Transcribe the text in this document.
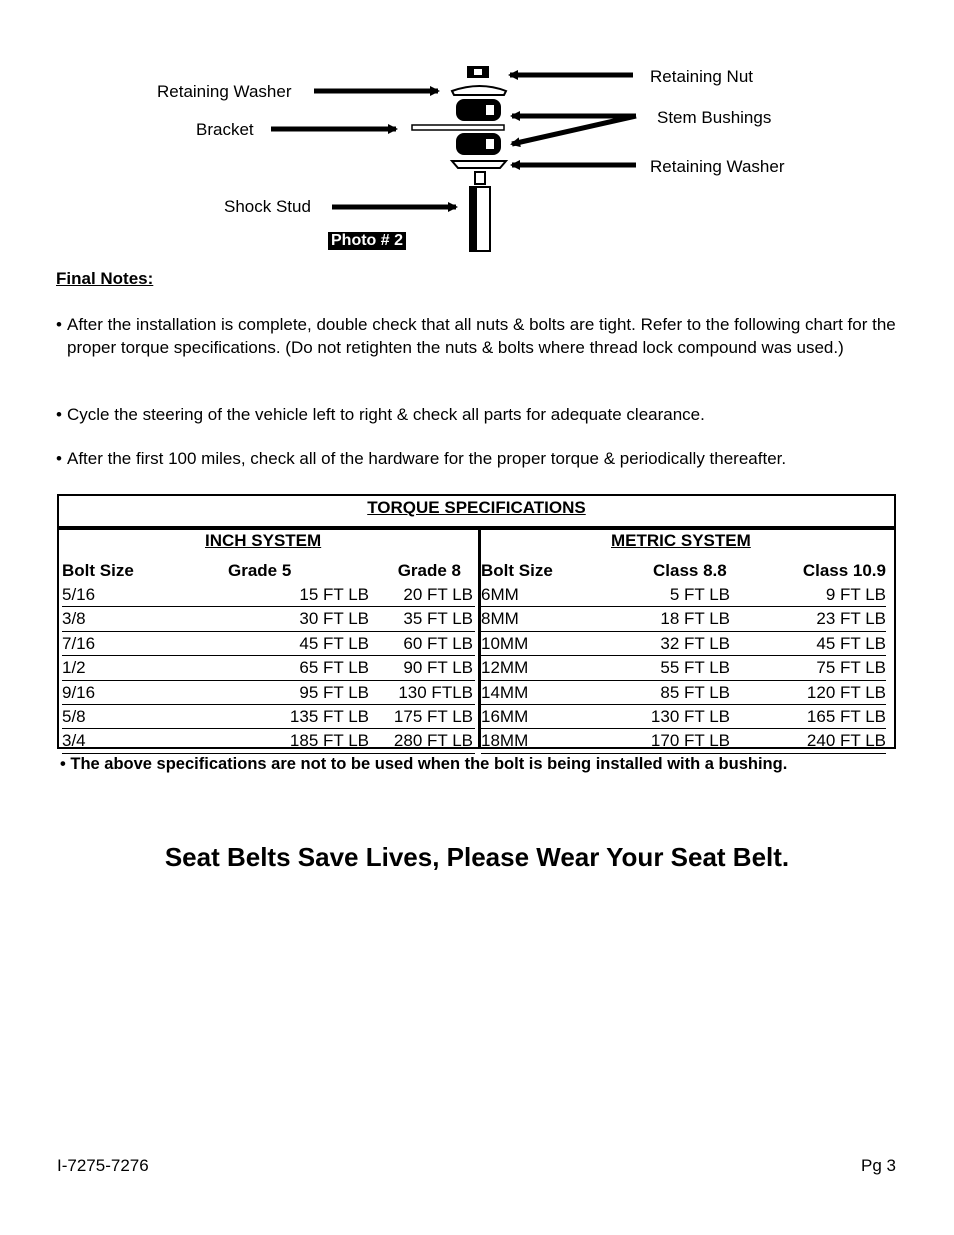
Retaining Washer
Bracket
Shock Stud
Retaining Nut
Stem Bushings
Retaining Washer
Photo # 2
Final Notes:
• After the installation is complete, double check that all nuts & bolts are tight. Refer to the following chart for the proper torque specifications. (Do not retighten the nuts & bolts where thread lock compound was used.)
• Cycle the steering of the vehicle left to right & check all parts for adequate clearance.
• After the first 100 miles, check all of the hardware for the proper torque & periodically thereafter.
TORQUE SPECIFICATIONS
INCH SYSTEM
Bolt Size	Grade 5	Grade 8
5/16	15 FT LB 20 FT LB
3/8	30 FT LB 35 FT LB
7/16	45 FT LB 60 FT LB
1/2	65 FT LB 90 FT LB
9/16	95 FT LB 130 FTLB
5/8	135 FT LB 175 FT LB
3/4	185 FT LB 280 FT LB
METRIC SYSTEM
Bolt Size	Class 8.8	Class 10.9
6MM	5 FT LB	9 FT LB
8MM	18 FT LB	23 FT LB
10MM	32 FT LB	45 FT LB
12MM	55 FT LB	75 FT LB
14MM	85 FT LB	120 FT LB
16MM	130 FT LB	165 FT LB
18MM	170 FT LB	240 FT LB
• The above specifications are not to be used when the bolt is being installed with a bushing.
Seat Belts Save Lives, Please Wear Your Seat Belt.
I-7275-7276	Pg 3
